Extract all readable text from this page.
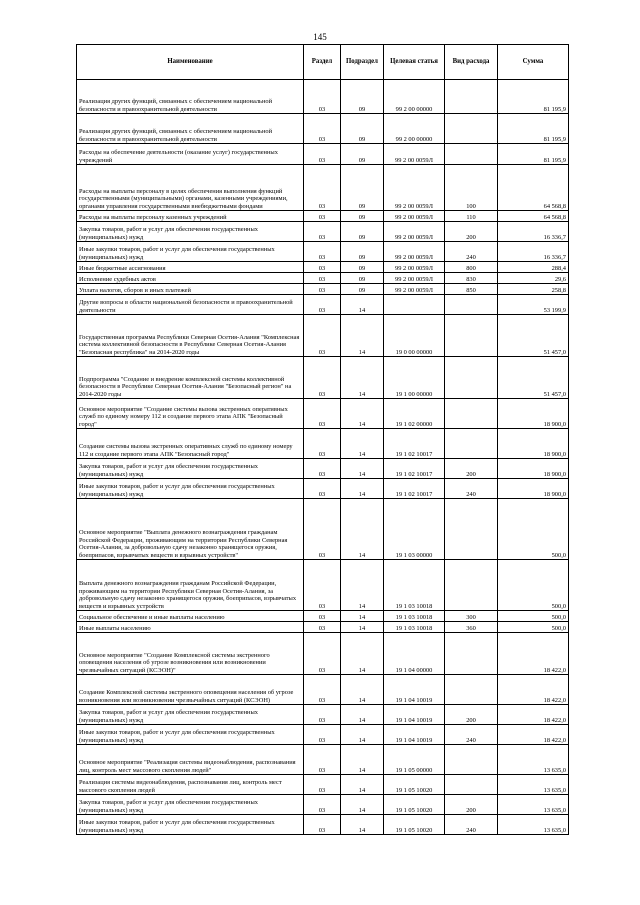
145
Наименование	Раздел	Подраздел	Целевая статья	Вид расхода	Сумма
Реализация других функций, связанных с обеспечением национальной безопасности и правоохранительной деятельности	03	09	99 2 00 00000		81 195,9
Реализация других функций, связанных с обеспечением национальной безопасности и правоохранительной деятельности	03	09	99 2 00 00000		81 195,9
Расходы на обеспечение деятельности (оказание услуг) государственных учреждений	03	09	99 2 00 0059Л		81 195,9
Расходы на выплаты персоналу в целях обеспечения выполнения функций государственными (муниципальными) органами, казенными учреждениями, органами управления государственными внебюджетными фондами	03	09	99 2 00 0059Л	100	64 568,8
Расходы на выплаты персоналу казенных учреждений	03	09	99 2 00 0059Л	110	64 568,8
Закупка товаров, работ и услуг для обеспечения государственных (муниципальных) нужд	03	09	99 2 00 0059Л	200	16 336,7
Иные закупки товаров, работ и услуг для обеспечения государственных (муниципальных) нужд	03	09	99 2 00 0059Л	240	16 336,7
Иные бюджетные ассигнования	03	09	99 2 00 0059Л	800	288,4
Исполнение судебных актов	03	09	99 2 00 0059Л	830	29,6
Уплата налогов, сборов и иных платежей	03	09	99 2 00 0059Л	850	258,8
Другие вопросы в области национальной безопасности и правоохранительной деятельности	03	14			53 199,9
Государственная программа Республики Северная Осетия-Алания "Комплексная система коллективной безопасности в Республике Северная Осетия-Алания "Безопасная республика" на 2014-2020 годы	03	14	19 0 00 00000		51 457,0
Подпрограмма "Создание и внедрение комплексной системы коллективной безопасности в Республике Северная Осетия-Алания "Безопасный регион" на 2014-2020 годы	03	14	19 1 00 00000		51 457,0
Основное мероприятие "Создание системы вызова экстренных оперативных служб по единому номеру 112 и создание первого этапа АПК "Безопасный город"	03	14	19 1 02 00000		18 900,0
Создание системы вызова экстренных оперативных служб по единому номеру 112 и создание первого этапа АПК "Безопасный город"	03	14	19 1 02 10017		18 900,0
Закупка товаров, работ и услуг для обеспечения государственных (муниципальных) нужд	03	14	19 1 02 10017	200	18 900,0
Иные закупки товаров, работ и услуг для обеспечения государственных (муниципальных) нужд	03	14	19 1 02 10017	240	18 900,0
Основное мероприятие "Выплата денежного вознаграждения гражданам Российской Федерации, проживающим на территории Республики Северная Осетия-Алания, за добровольную сдачу незаконно хранящегося оружия, боеприпасов, взрывчатых веществ и взрывных устройств"	03	14	19 1 03 00000		500,0
Выплата денежного вознаграждения гражданам Российской Федерации, проживающим на территории Республики Северная Осетия-Алания, за добровольную сдачу незаконно хранящегося оружия, боеприпасов, взрывчатых веществ и взрывных устройств	03	14	19 1 03 10018		500,0
Социальное обеспечение и иные выплаты населению	03	14	19 1 03 10018	300	500,0
Иные выплаты населению	03	14	19 1 03 10018	360	500,0
Основное мероприятие "Создание Комплексной системы экстренного оповещения населения об угрозе возникновения или возникновении чрезвычайных ситуаций (КСЭОН)"	03	14	19 1 04 00000		18 422,0
Создание Комплексной системы экстренного оповещения населения об угрозе возникновения или возникновении чрезвычайных ситуаций (КСЭОН)	03	14	19 1 04 10019		18 422,0
Закупка товаров, работ и услуг для обеспечения государственных (муниципальных) нужд	03	14	19 1 04 10019	200	18 422,0
Иные закупки товаров, работ и услуг для обеспечения государственных (муниципальных) нужд	03	14	19 1 04 10019	240	18 422,0
Основное мероприятие "Реализация системы видеонаблюдения, распознавания лиц, контроль мест массового скопления людей"	03	14	19 1 05 00000		13 635,0
Реализация системы видеонаблюдения, распознавания лиц, контроль мест массового скопления людей	03	14	19 1 05 10020		13 635,0
Закупка товаров, работ и услуг для обеспечения государственных (муниципальных) нужд	03	14	19 1 05 10020	200	13 635,0
Иные закупки товаров, работ и услуг для обеспечения государственных (муниципальных) нужд	03	14	19 1 05 10020	240	13 635,0
